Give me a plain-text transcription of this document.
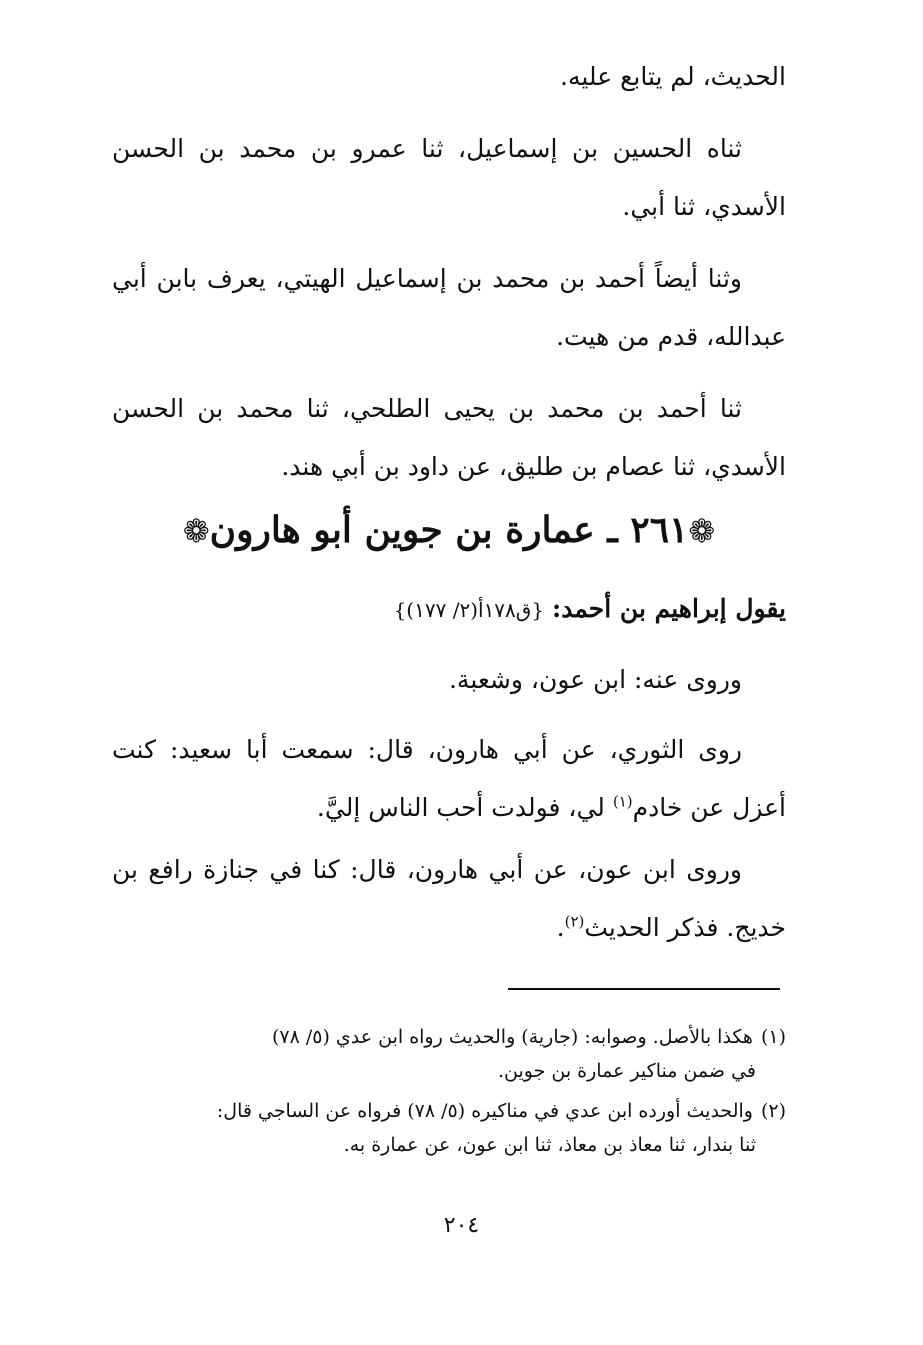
الحديث، لم يتابع عليه.

ثناه الحسين بن إسماعيل، ثنا عمرو بن محمد بن الحسن الأسدي، ثنا أبي.

وثنا أيضاً أحمد بن محمد بن إسماعيل الهيتي، يعرف بابن أبي عبدالله، قدم من هيت.

ثنا أحمد بن محمد بن يحيى الطلحي، ثنا محمد بن الحسن الأسدي، ثنا عصام بن طليق، عن داود بن أبي هند.

❁٢٦١ ـ عمارة بن جوين أبو هارون❁

يقول إبراهيم بن أحمد: {ق١٧٨أ(٢/ ١٧٧)}

وروى عنه: ابن عون، وشعبة.

روى الثوري، عن أبي هارون، قال: سمعت أبا سعيد: كنت أعزل عن خادم$^{(١)}$ لي، فولدت أحب الناس إليَّ.

وروى ابن عون، عن أبي هارون، قال: كنا في جنازة رافع بن خديج. فذكر الحديث$^{(٢)}$.

(١)هكذا بالأصل. وصوابه: (جارية) والحديث رواه ابن عدي (٥/ ٧٨)
في ضمن مناكير عمارة بن جوين.

(٢)والحديث أورده ابن عدي في مناكيره (٥/ ٧٨) فرواه عن الساجي قال:
ثنا بندار، ثنا معاذ بن معاذ، ثنا ابن عون، عن عمارة به.

٢٠٤
